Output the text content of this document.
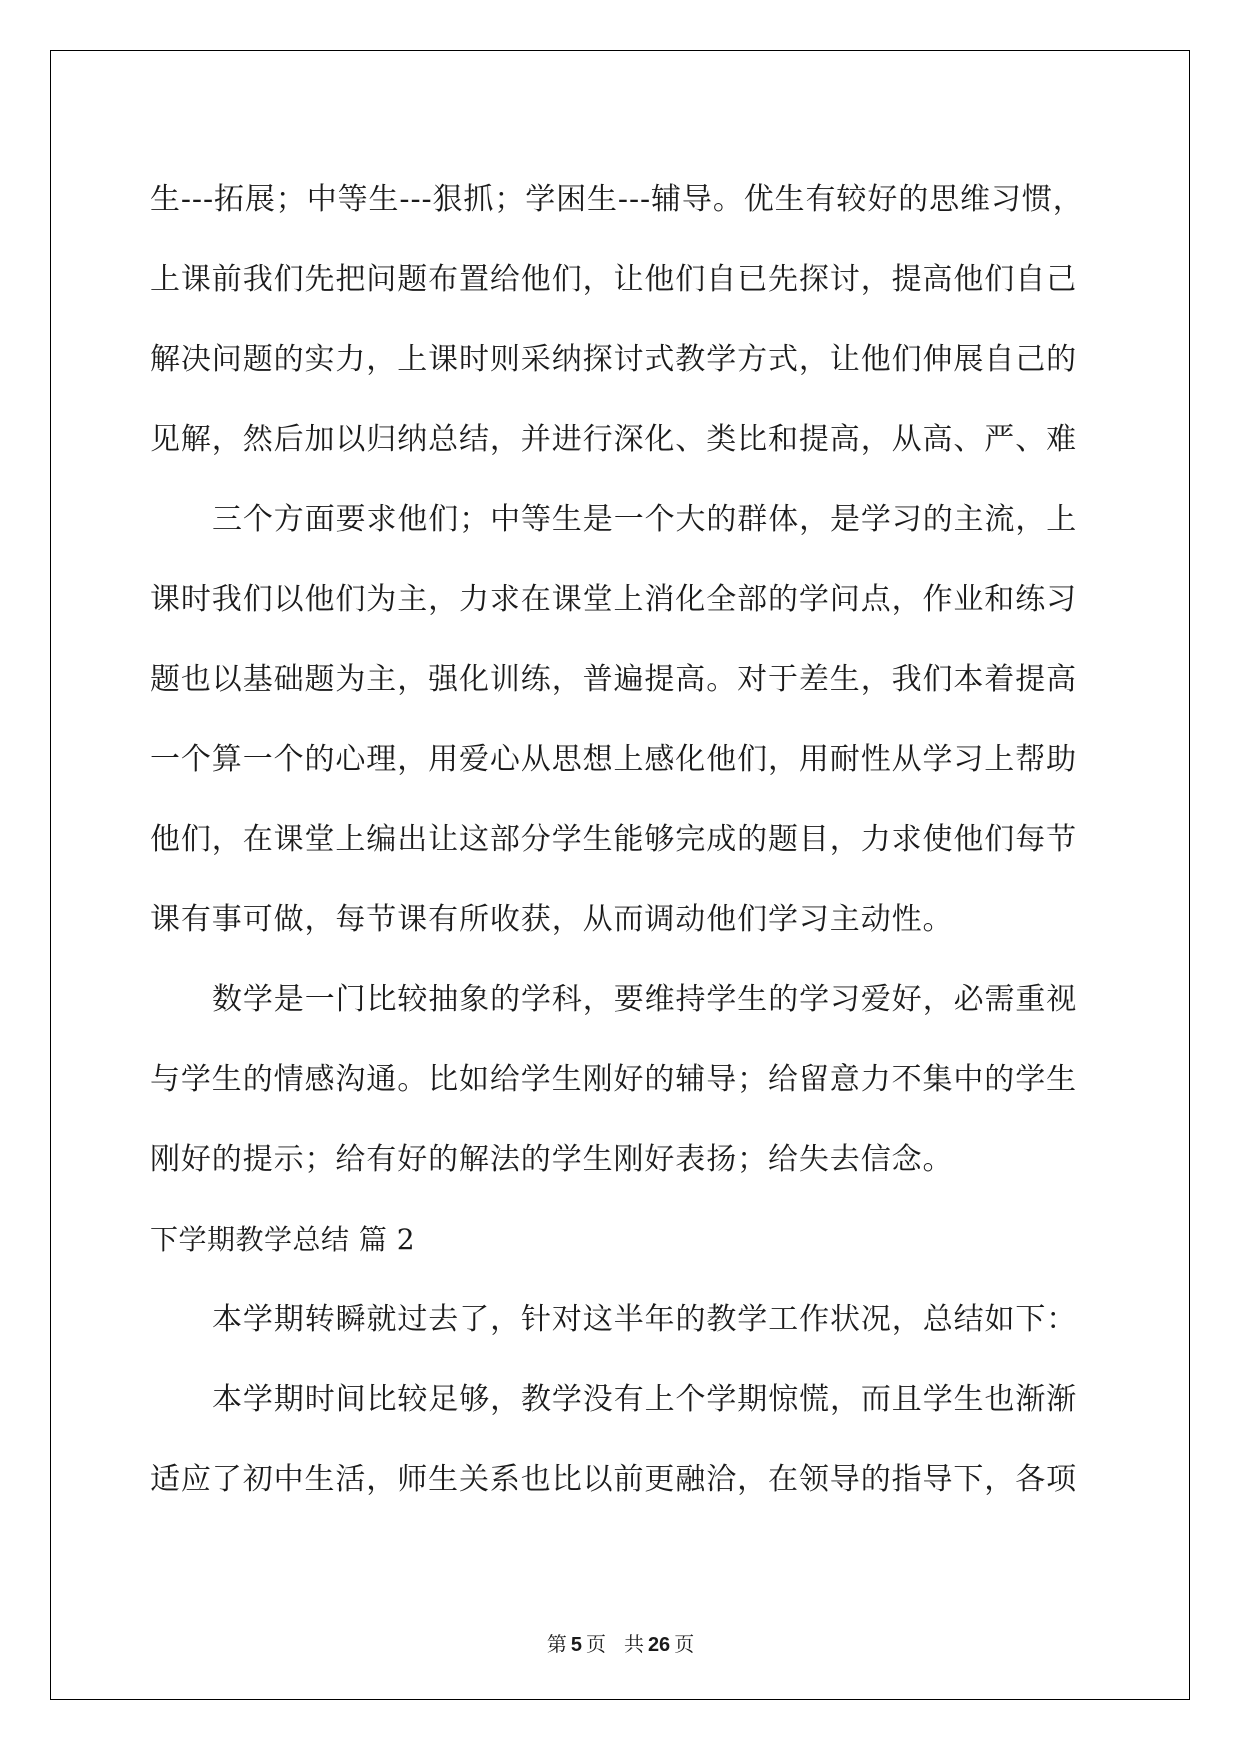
生---拓展；中等生---狠抓；学困生---辅导。优生有较好的思维习惯，
上课前我们先把问题布置给他们，让他们自已先探讨，提高他们自己
解决问题的实力，上课时则采纳探讨式教学方式，让他们伸展自己的
见解，然后加以归纳总结，并进行深化、类比和提高，从高、严、难
三个方面要求他们；中等生是一个大的群体，是学习的主流，上
课时我们以他们为主，力求在课堂上消化全部的学问点，作业和练习
题也以基础题为主，强化训练，普遍提高。对于差生，我们本着提高
一个算一个的心理，用爱心从思想上感化他们，用耐性从学习上帮助
他们，在课堂上编出让这部分学生能够完成的题目，力求使他们每节
课有事可做，每节课有所收获，从而调动他们学习主动性。
数学是一门比较抽象的学科，要维持学生的学习爱好，必需重视
与学生的情感沟通。比如给学生刚好的辅导；给留意力不集中的学生
刚好的提示；给有好的解法的学生刚好表扬；给失去信念。
下学期教学总结 篇 2
本学期转瞬就过去了，针对这半年的教学工作状况，总结如下：
本学期时间比较足够，教学没有上个学期惊慌，而且学生也渐渐
适应了初中生活，师生关系也比以前更融洽，在领导的指导下，各项
第 5 页 共 26 页
